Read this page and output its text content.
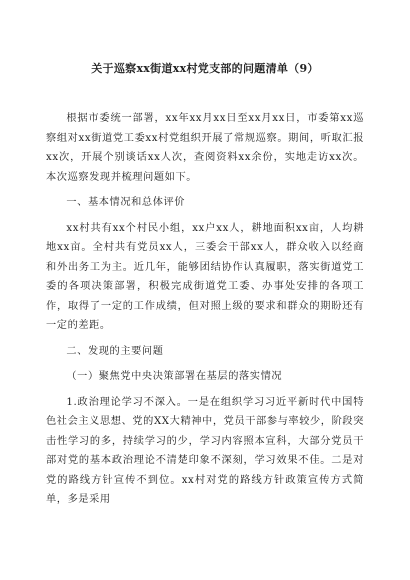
关于巡察xx街道xx村党支部的问题清单（9）

根据市委统一部署，xx年xx月xx日至xx月xx日，市委第xx巡察组对xx街道党工委xx村党组织开展了常规巡察。期间，听取汇报xx次，开展个别谈话xx人次，查阅资料xx余份，实地走访xx次。本次巡察发现并梳理问题如下。

一、基本情况和总体评价

xx村共有xx个村民小组，xx户xx人，耕地面积xx亩，人均耕地xx亩。全村共有党员xx人，三委会干部xx人，群众收入以经商和外出务工为主。近几年，能够团结协作认真履职，落实街道党工委的各项决策部署，积极完成街道党工委、办事处安排的各项工作，取得了一定的工作成绩，但对照上级的要求和群众的期盼还有一定的差距。

二、发现的主要问题

（一）聚焦党中央决策部署在基层的落实情况

1.政治理论学习不深入。一是在组织学习习近平新时代中国特色社会主义思想、党的XX大精神中，党员干部参与率较少，阶段突击性学习的多，持续学习的少，学习内容照本宣科，大部分党员干部对党的基本政治理论不清楚印象不深刻，学习效果不佳。二是对党的路线方针宣传不到位。xx村对党的路线方针政策宣传方式简单，多是采用
